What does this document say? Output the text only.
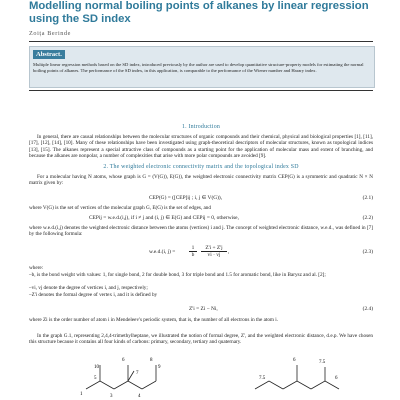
Modelling normal boiling points of alkanes by linear regression using the SD index
Zoița Berinde
Abstract.
Multiple linear regression methods based on the SD index, introduced previously by the author are used to develop quantitative structure-property models for estimating the normal boiling points of alkanes. The performance of the SD index, in this application, is comparable to the performance of the Wiener number and Harary index.
1. Introduction
In general, there are causal relationships between the molecular structures of organic compounds and their chemical, physical and biological properties [1], [11], [17], [12], [14], [10]. Many of these relationships have been investigated using graph-theoretical descriptors of molecular structures, known as topological indices [13], [15]. The alkanes represent a special attractive class of compounds as a starting point for the application of molecular mass and extent of branching, and because the alkanes are nonpolar, a number of complexities that arise with more polar compounds are avoided [9].
2. The weighted electronic connectivity matrix and the topological index SD
For a molecular having N atoms, whose graph is G = (V(G)), E(G)), the weighted electronic connectivity matrix CEP(G) is a symmetric and quadratic N × N matrix given by:
CEP(G) = ([CEP]ij ; i, j ∈ V(G)),	(2.1)
where V(G) is the set of vertices of the molecular graph G, E(G) is the set of edges, and
CEPij = w.e.d.(i,j), if i ≠ j and (i, j) ∈ E(G) and CEPij = 0, otherwise,	(2.2)
where w.e.d.(i,j) denotes the weighted electronic distance between the atoms (vertices) i and j. The concept of weighted electronic distance, w.e.d., was defined in [7] by the following formula:
w.e.d.(i, j) =
1
b
Z'i + Z'j
vi · vj	,	(2.3)
where:
–b, is the bond weight with values: 1, for single bond, 2 for double bond, 3 for triple bond and 1.5 for aromatic bond, like in Barysz and al. [2];
–vi, vj denote the degree of vertices i, and j, respectively;
–Z'i denotes the formal degree of vertex i, and it is defined by
Z'i = Zi − Ni,	(2.4)
where Zi is the order number of atom i in Mendeleev's periodic system, that is, the number of all electrons in the atom i.
In the graph G.1, representing 2,4,4-trimethylheptane, we illustrated the notion of formal degree, Z', and the weighted electronic distance, d.e.p. We have chosen this structure because it contains all four kinds of carbons: primary, secondary, tertiary and quaternary.
10
6	8
9
5
7
1	3	4
7.5
6	7.5
6
